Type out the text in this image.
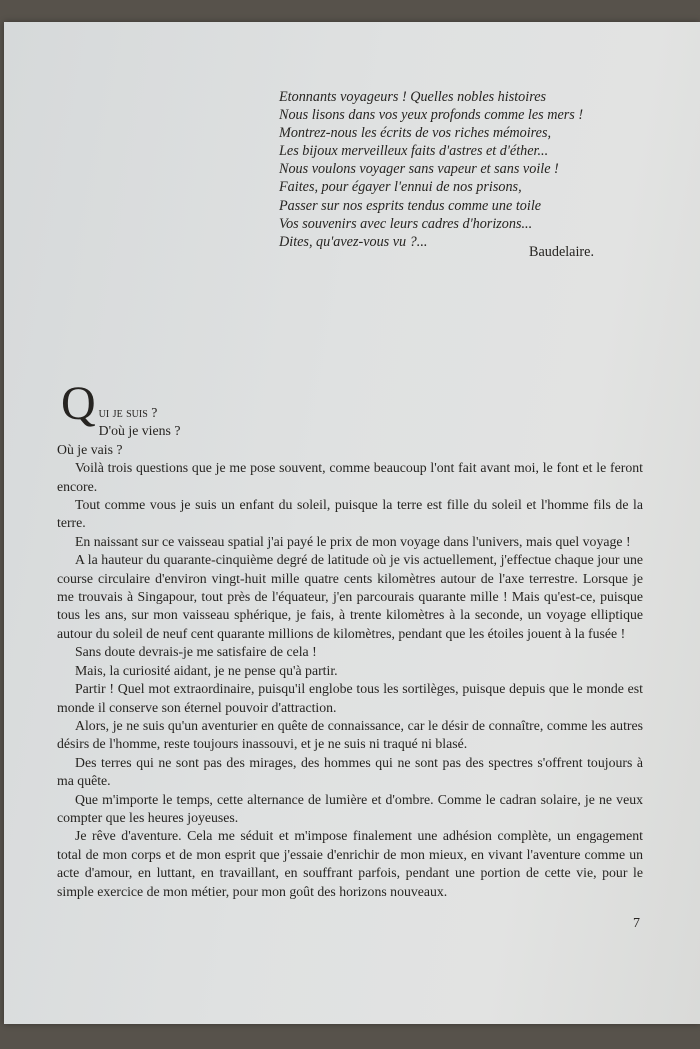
Etonnants voyageurs ! Quelles nobles histoires
Nous lisons dans vos yeux profonds comme les mers !
Montrez-nous les écrits de vos riches mémoires,
Les bijoux merveilleux faits d'astres et d'éther...
Nous voulons voyager sans vapeur et sans voile !
Faites, pour égayer l'ennui de nos prisons,
Passer sur nos esprits tendus comme une toile
Vos souvenirs avec leurs cadres d'horizons...
Dites, qu'avez-vous vu ?...
Baudelaire.
Q ui je suis ?
D'où je viens ?
Où je vais ?
Voilà trois questions que je me pose souvent, comme beaucoup l'ont fait avant moi, le font et le feront encore.
Tout comme vous je suis un enfant du soleil, puisque la terre est fille du soleil et l'homme fils de la terre.
En naissant sur ce vaisseau spatial j'ai payé le prix de mon voyage dans l'univers, mais quel voyage !
A la hauteur du quarante-cinquième degré de latitude où je vis actuellement, j'effectue chaque jour une course circulaire d'environ vingt-huit mille quatre cents kilomètres autour de l'axe terrestre. Lorsque je me trouvais à Singapour, tout près de l'équateur, j'en parcourais quarante mille ! Mais qu'est-ce, puisque tous les ans, sur mon vaisseau sphérique, je fais, à trente kilomètres à la seconde, un voyage elliptique autour du soleil de neuf cent quarante millions de kilomètres, pendant que les étoiles jouent à la fusée !
Sans doute devrais-je me satisfaire de cela !
Mais, la curiosité aidant, je ne pense qu'à partir.
Partir ! Quel mot extraordinaire, puisqu'il englobe tous les sortilèges, puisque depuis que le monde est monde il conserve son éternel pouvoir d'attraction.
Alors, je ne suis qu'un aventurier en quête de connaissance, car le désir de connaître, comme les autres désirs de l'homme, reste toujours inassouvi, et je ne suis ni traqué ni blasé.
Des terres qui ne sont pas des mirages, des hommes qui ne sont pas des spectres s'offrent toujours à ma quête.
Que m'importe le temps, cette alternance de lumière et d'ombre. Comme le cadran solaire, je ne veux compter que les heures joyeuses.
Je rêve d'aventure. Cela me séduit et m'impose finalement une adhésion complète, un engagement total de mon corps et de mon esprit que j'essaie d'enrichir de mon mieux, en vivant l'aventure comme un acte d'amour, en luttant, en travaillant, en souffrant parfois, pendant une portion de cette vie, pour le simple exercice de mon métier, pour mon goût des horizons nouveaux.
7
